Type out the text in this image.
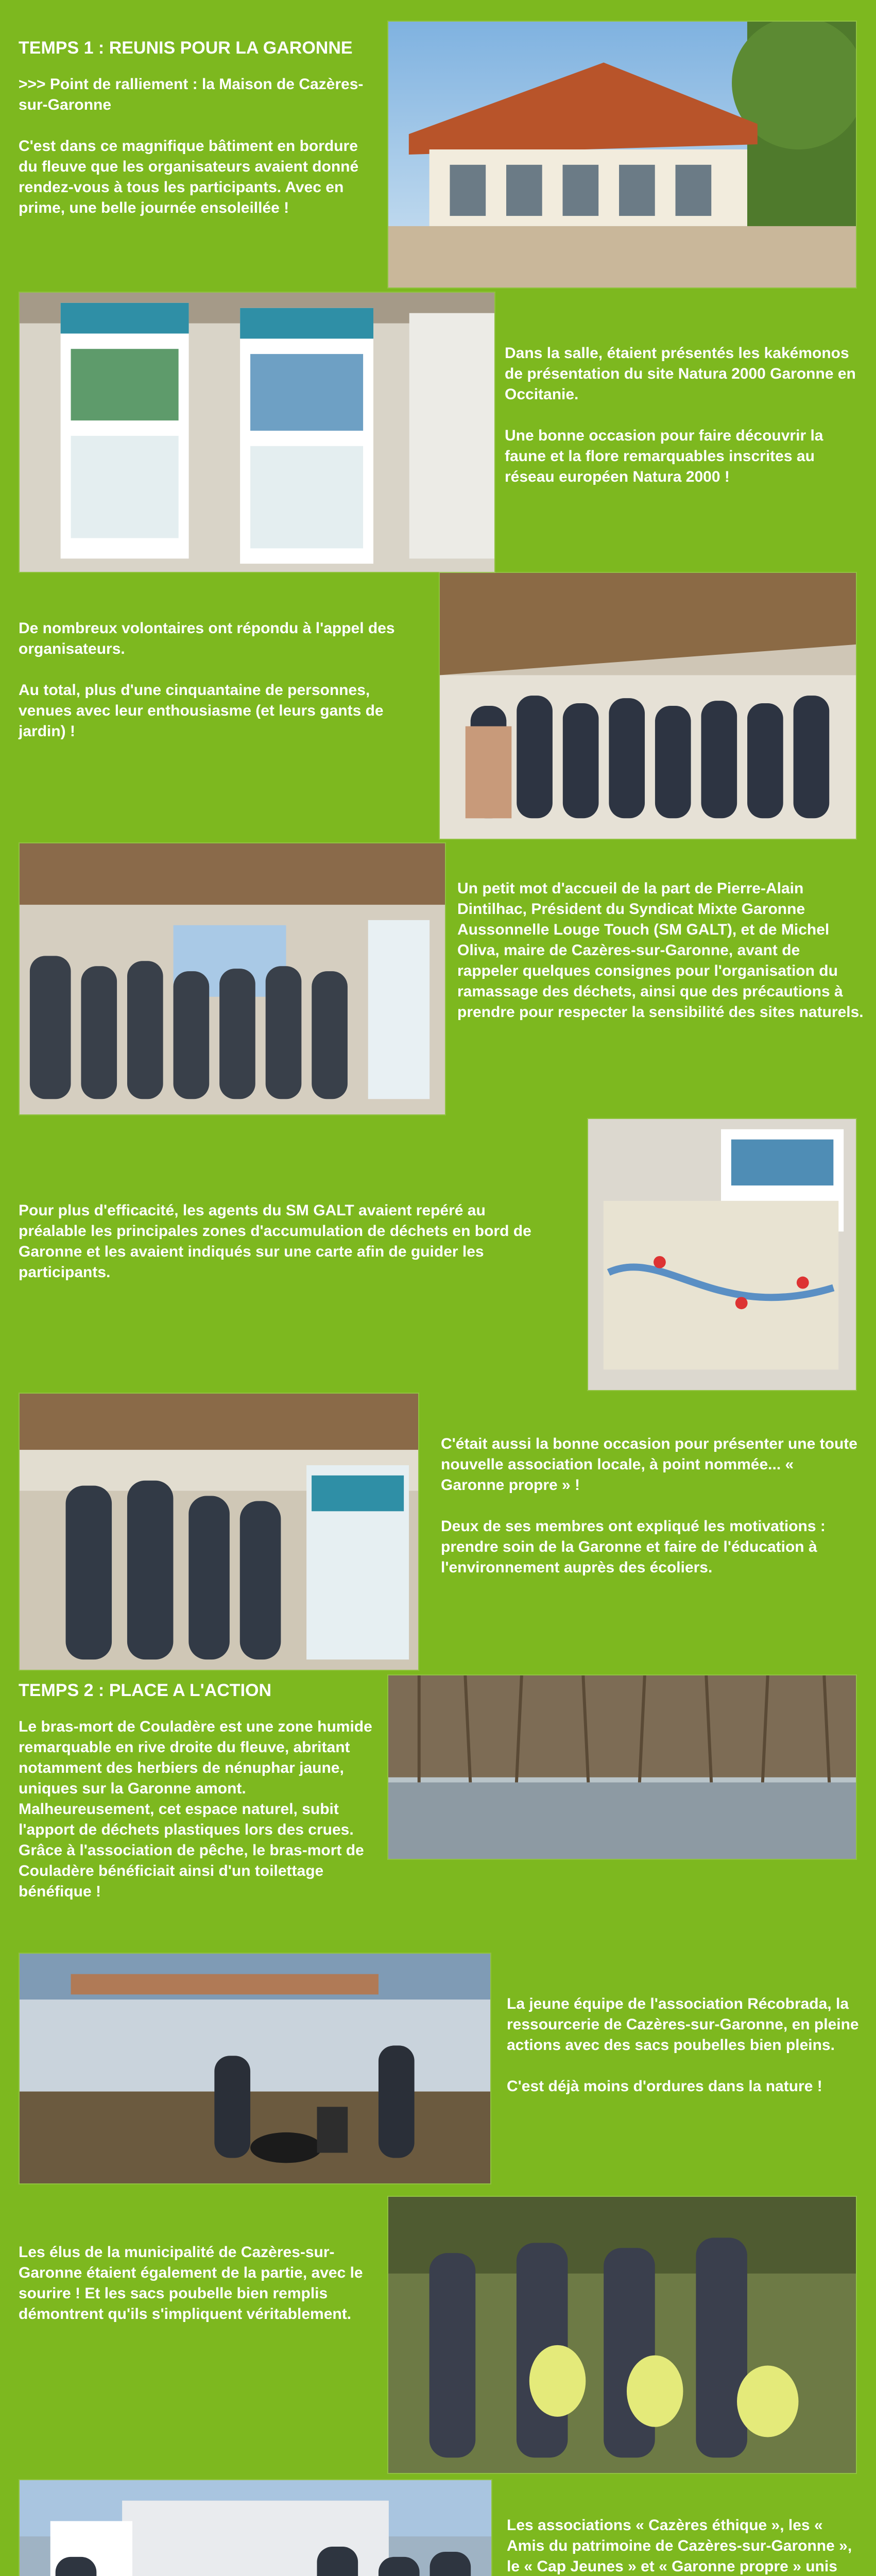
TEMPS 1 : REUNIS POUR LA GARONNE

>>> Point de ralliement : la Maison de Cazères-sur-Garonne

C'est dans ce magnifique bâtiment en bordure du fleuve que les organisateurs avaient donné rendez-vous à tous les participants. Avec en prime, une belle journée ensoleillée !

Dans la salle, étaient présentés les kakémonos de présentation du site Natura 2000 Garonne en Occitanie.

Une bonne occasion pour faire découvrir la faune et la flore remarquables inscrites au réseau européen Natura 2000 !

De nombreux volontaires ont répondu à l'appel des organisateurs.

Au total, plus d'une cinquantaine de personnes, venues avec leur enthousiasme (et leurs gants de jardin) !

Un petit mot d'accueil de la part de Pierre-Alain Dintilhac, Président du Syndicat Mixte Garonne Aussonnelle Louge Touch (SM GALT), et de Michel Oliva, maire de Cazères-sur-Garonne, avant de rappeler quelques consignes pour l'organisation du ramassage des déchets, ainsi que des précautions à prendre pour respecter la sensibilité des sites naturels.

Pour plus d'efficacité, les agents du SM GALT avaient repéré au préalable les principales zones d'accumulation de déchets en bord de Garonne et les avaient indiqués sur une carte afin de guider les participants.

C'était aussi la bonne occasion pour présenter une toute nouvelle association locale, à point nommée... « Garonne propre » !

Deux de ses membres ont expliqué les motivations : prendre soin de la Garonne et faire de l'éducation à l'environnement auprès des écoliers.

TEMPS 2 : PLACE A L'ACTION

Le bras-mort de Couladère est une zone humide remarquable en rive droite du fleuve, abritant notamment des herbiers de nénuphar jaune, uniques sur la Garonne amont. Malheureusement, cet espace naturel, subit l'apport de déchets plastiques lors des crues. Grâce à l'association de pêche, le bras-mort de Couladère bénéficiait ainsi d'un toilettage bénéfique !

La jeune équipe de l'association Récobrada, la ressourcerie de Cazères-sur-Garonne, en pleine actions avec des sacs poubelles bien pleins.

C'est déjà moins d'ordures dans la nature !

Les élus de la municipalité de Cazères-sur-Garonne étaient également de la partie, avec le sourire ! Et les sacs poubelle bien remplis démontrent qu'ils s'impliquent véritablement.

Les associations « Cazères éthique », les « Amis du patrimoine de Cazères-sur-Garonne », le « Cap Jeunes » et « Garonne propre » unis
